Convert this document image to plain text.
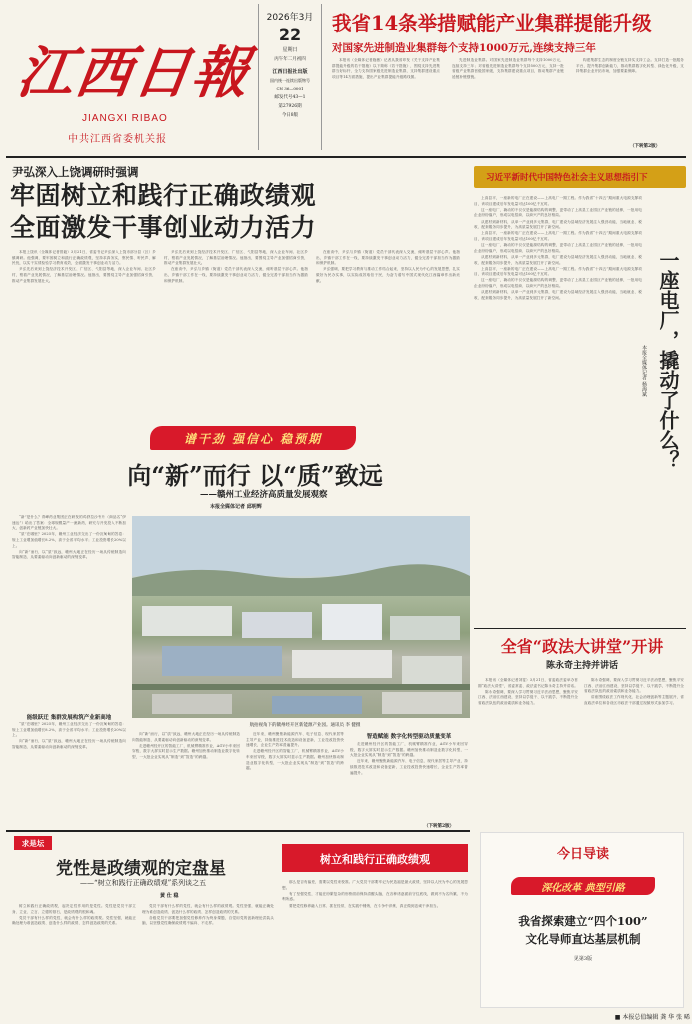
江西日報
JIANGXI RIBAO
中共江西省委机关报
2026年3月
22
星期日
丙午年二月初四
江西日报社出版
国内统一连续出版物号
CN 36—0001
邮发代号43—1
第27926期
今日8版
我省14条举措赋能产业集群提能升级
对国家先进制造业集群每个支持1000万元,连续支持三年

本报讯（全媒体记者施薇）记者从我省印发《关于支持产业集群提能升级的若干措施》以下简称《若干措施》，围绕支持先进集群当好标杆，全力支持国家级先进制造业集群，支持集群建设重点项目等14方面措施，提出产业集群提能升级路线图。

先进制造业集群。对国家先进制造业集群每个支持1000万元，连续支持三年；对省级先进制造业集群每个支持500万元，支持一批省级产业集群晋级国家级，支持集群建设重点项目，推动集群产业链延链补链强链。

构建集群生态的制度全链支持实支持工会。支持打造一批服务平台，提升集群创新能力，推动集群数字化转型、绿色化升级，支持集群企业开拓市场，加强要素保障。

（下转第2版）
尹弘深入上饶调研时强调
牢固树立和践行正确政绩观
全面激发干事创业动力活力

本报上饶讯（全媒体记者曾毅）3月21日，省委书记尹弘深入上饶市部分县（区）乡镇调研。他强调，要牢固树立和践行正确政绩观，坚持求真务实，察民情、听民声、解民忧，以实干实绩检验学习教育成效，全面激发干事创业动力活力。

尹弘先后来到上饶经济技术开发区、广信区、弋阳县等地，深入企业车间、社区乡村，察看产业发展情况，了解基层治理情况。他指出，要围绕主导产业加强招商引资，推动产业集群发展壮大。

尹弘先后来到上饶经济技术开发区、广信区、弋阳县等地，深入企业车间、社区乡村，察看产业发展情况，了解基层治理情况。他指出，要围绕主导产业加强招商引资，推动产业集群发展壮大。

在座谈中，尹弘与乡镇（街道）党员干部代表深入交流，倾听基层干部心声。他指出，乡镇干部工作在一线，要持续激发干事创业动力活力，健全完善干部担当作为激励和保护机制。

在座谈中，尹弘与乡镇（街道）党员干部代表深入交流，倾听基层干部心声。他指出，乡镇干部工作在一线，要持续激发干事创业动力活力，健全完善干部担当作为激励和保护机制。

尹弘强调，要把学习教育与推动工作结合起来，坚持以人民为中心的发展思想，扎实做好为民办实事，以实际成效取信于民，为奋力谱写中国式现代化江西篇章作出新贡献。

习近平新时代中国特色社会主义思想指引下

上高县平，一座新的电厂正在建设——上高电厂一期工程。作为我省“十四五”期间重大电源支撑项目，该项目建成后年发电量可达100亿千瓦时。

这一座电厂，撬动的不仅仅是能源结构的调整，更带动了上高县工业园区产业链的延伸，一批用电企业纷纷落户，形成以电招商、以商兴产的良好格局。

从建材到新材料，从单一产业到多元集群，电厂建设为县域经济发展注入强劲动能，当地就业、税收、配套服务同步提升，为高质量发展打开了新空间。

上高县平，一座新的电厂正在建设——上高电厂一期工程。作为我省“十四五”期间重大电源支撑项目，该项目建成后年发电量可达100亿千瓦时。

这一座电厂，撬动的不仅仅是能源结构的调整，更带动了上高县工业园区产业链的延伸，一批用电企业纷纷落户，形成以电招商、以商兴产的良好格局。

从建材到新材料，从单一产业到多元集群，电厂建设为县域经济发展注入强劲动能，当地就业、税收、配套服务同步提升，为高质量发展打开了新空间。

上高县平，一座新的电厂正在建设——上高电厂一期工程。作为我省“十四五”期间重大电源支撑项目，该项目建成后年发电量可达100亿千瓦时。

这一座电厂，撬动的不仅仅是能源结构的调整，更带动了上高县工业园区产业链的延伸，一批用电企业纷纷落户，形成以电招商、以商兴产的良好格局。

从建材到新材料，从单一产业到多元集群，电厂建设为县域经济发展注入强劲动能，当地就业、税收、配套服务同步提升，为高质量发展打开了新空间。	一座电厂，撬动了什么？
本报全媒体记者 杨海斌
全省“政法大讲堂”开讲
陈永奇主持并讲话

本报讯（全媒体记者刘雯）3月21日，省委政法委举办首期“政法大讲堂”，省委常委、政法委书记陈永奇主持并讲话。

陈永奇强调，要深入学习贯彻习近平法治思想，聚焦平安江西、法治江西建设，坚持以学促干、以干践学，不断提升全省政法队伍的政治素质和业务能力。

陈永奇强调，要深入学习贯彻习近平法治思想，聚焦平安江西、法治江西建设，坚持以学促干、以干践学，不断提升全省政法队伍的政治素质和业务能力。

讲座围绕政法工作现代化、社会治理创新等主题展开，省直政法单位和各设区市政法干部通过视频形式参加学习。

谱干劲 强信心 稳预期
向“新”而行 以“质”致远
——赣州工业经济高质量发展观察
本报全媒体记者 邱明辉

“新”是什么？青峰药业集团正在研发的鸡舒拉沙韦片（商品名“伊速达”）给出了答案：全球规模量产一流新药，研究与开发投入不断加大，创新药产业链加快壮大。

“质”在哪里？2025年，赣州工业经济交出了一份沉甸甸的答卷：规上工业增加值增长8.2%，高于全省平均水平；工业投资增长20%以上。

向“新”而行，以“质”致远，赣州大地正在经历一场从传统制造向智能制造、从要素驱动向创新驱动的深刻变革。

能级跃迁 集群发展构筑产业新高地

“质”在哪里？2025年，赣州工业经济交出了一份沉甸甸的答卷：规上工业增加值增长8.2%，高于全省平均水平；工业投资增长20%以上。

向“新”而行，以“质”致远，赣州大地正在经历一场从传统制造向智能制造、从要素驱动向创新驱动的深刻变革。

航拍视角下的赣州经开区新能源产业园。通讯员 李 健摄

向“新”而行，以“质”致远，赣州大地正在经历一场从传统制造向智能制造、从要素驱动向创新驱动的深刻变革。

走进赣州经开区的智能工厂，机械臂精准作业，AGV小车来回穿梭，数字大屏实时显示生产数据。赣州加快推动制造业数字化转型，一大批企业实现从“制造”到“智造”的跨越。

近年来，赣州聚焦新能源汽车、电子信息、现代家居等主导产业，持续推进技术改造和设备更新，工业技改投资快速增长，企业生产效率普遍提升。

走进赣州经开区的智能工厂，机械臂精准作业，AGV小车来回穿梭，数字大屏实时显示生产数据。赣州加快推动制造业数字化转型，一大批企业实现从“制造”到“智造”的跨越。

智造赋能 数字化转型驱动质量变革

走进赣州经开区的智能工厂，机械臂精准作业，AGV小车来回穿梭，数字大屏实时显示生产数据。赣州加快推动制造业数字化转型，一大批企业实现从“制造”到“智造”的跨越。

近年来，赣州聚焦新能源汽车、电子信息、现代家居等主导产业，持续推进技术改造和设备更新，工业技改投资快速增长，企业生产效率普遍提升。

（下转第2版）
求是坛
党性是政绩观的定盘星
——“树立和践行正确政绩观”系列谈之五
黄 仕 稳

树立和践行正确政绩观，起决定性作用的是党性。党性是党员干部立身、立业、立言、立德的基石，是政绩观的根和魂。

党员干部有什么样的党性，就会有什么样的政绩观。党性坚强，就能正确处理为谁创造政绩、创造什么样的政绩、怎样创造政绩的关系。

党员干部有什么样的党性，就会有什么样的政绩观。党性坚强，就能正确处理为谁创造政绩、创造什么样的政绩、怎样创造政绩的关系。

各级党员干部要把加强党性修养作为终身课题，自觉用党的创新理论武装头脑，以坚强党性确保政绩观不偏向、不走样。

树立和践行正确政绩观

那么是否有偏差，需要以党性来校准。广大党员干部要牢记为民造福是最大政绩，坚持以人民为中心的发展思想。

有了坚强党性，才能在纷繁复杂的形势面前保持清醒头脑，在各种诱惑面前守住底线，做到不为名所累、不为利所惑。

要把党性修养融入日常、抓在经常，在实践中锤炼，在斗争中淬炼，真正做到忠诚干净担当。

今日导读
深化改革 典型引路
我省探索建立“四个100”
文化导师直达基层机制
见第3版
■ 本报总值编辑 龚 华 张 晞
